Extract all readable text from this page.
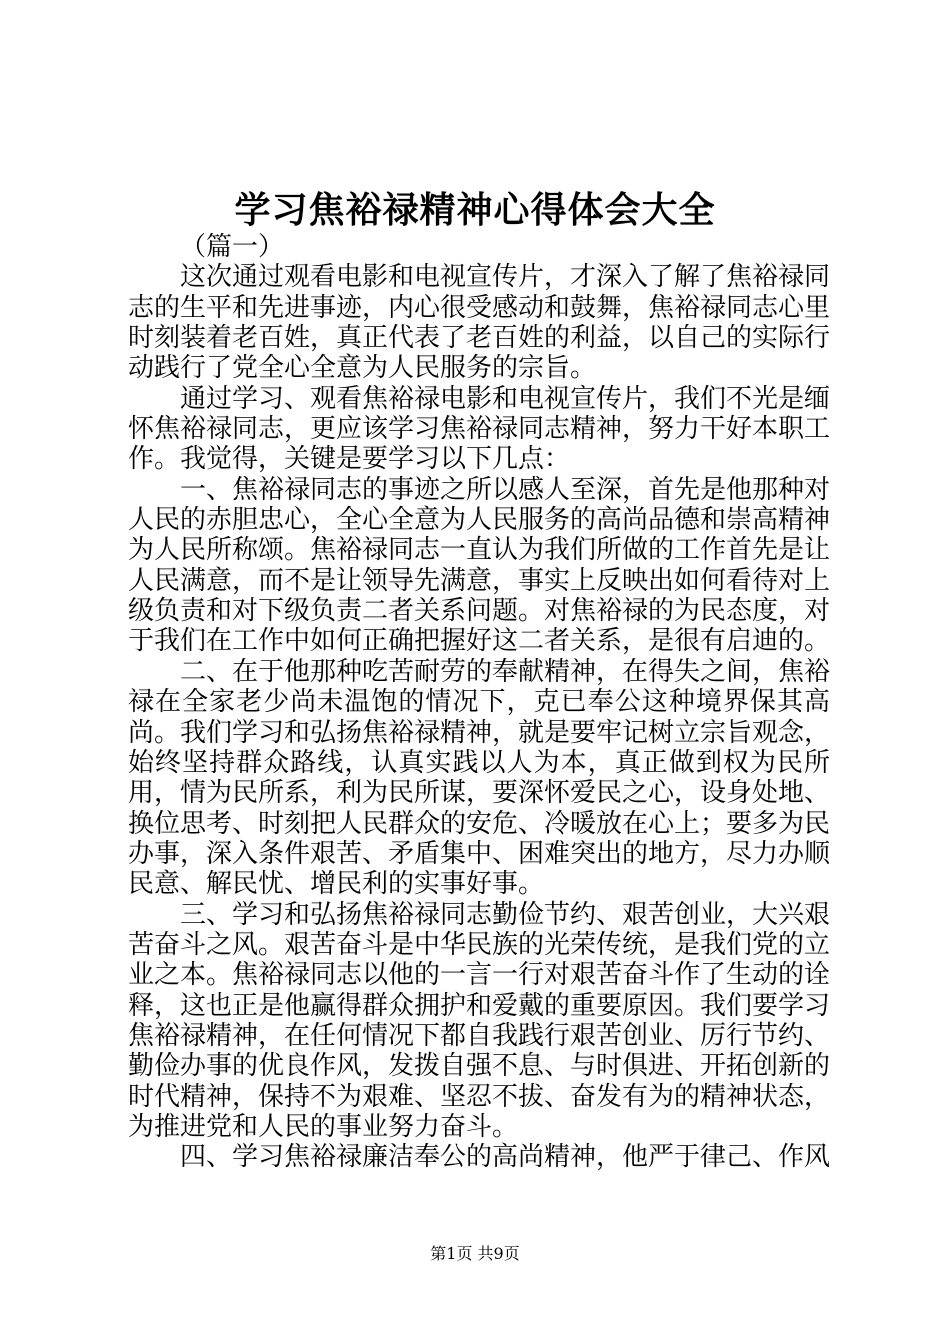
学习焦裕禄精神心得体会大全

（篇一）

这次通过观看电影和电视宣传片，才深入了解了焦裕禄同志的生平和先进事迹，内心很受感动和鼓舞，焦裕禄同志心里时刻装着老百姓，真正代表了老百姓的利益，以自己的实际行动践行了党全心全意为人民服务的宗旨。

通过学习、观看焦裕禄电影和电视宣传片，我们不光是缅怀焦裕禄同志，更应该学习焦裕禄同志精神，努力干好本职工作。我觉得，关键是要学习以下几点：

一、焦裕禄同志的事迹之所以感人至深，首先是他那种对人民的赤胆忠心，全心全意为人民服务的高尚品德和崇高精神为人民所称颂。焦裕禄同志一直认为我们所做的工作首先是让人民满意，而不是让领导先满意，事实上反映出如何看待对上级负责和对下级负责二者关系问题。对焦裕禄的为民态度，对于我们在工作中如何正确把握好这二者关系，是很有启迪的。

二、在于他那种吃苦耐劳的奉献精神，在得失之间，焦裕禄在全家老少尚未温饱的情况下，克已奉公这种境界保其高尚。我们学习和弘扬焦裕禄精神，就是要牢记树立宗旨观念，始终坚持群众路线，认真实践以人为本，真正做到权为民所用，情为民所系，利为民所谋，要深怀爱民之心，设身处地、换位思考、时刻把人民群众的安危、冷暖放在心上；要多为民办事，深入条件艰苦、矛盾集中、困难突出的地方，尽力办顺民意、解民忧、增民利的实事好事。

三、学习和弘扬焦裕禄同志勤俭节约、艰苦创业，大兴艰苦奋斗之风。艰苦奋斗是中华民族的光荣传统，是我们党的立业之本。焦裕禄同志以他的一言一行对艰苦奋斗作了生动的诠释，这也正是他赢得群众拥护和爱戴的重要原因。我们要学习焦裕禄精神，在任何情况下都自我践行艰苦创业、厉行节约、勤俭办事的优良作风，发拨自强不息、与时俱进、开拓创新的时代精神，保持不为艰难、坚忍不拔、奋发有为的精神状态，为推进党和人民的事业努力奋斗。

四、学习焦裕禄廉洁奉公的高尚精神，他严于律己、作风

第1页 共9页
